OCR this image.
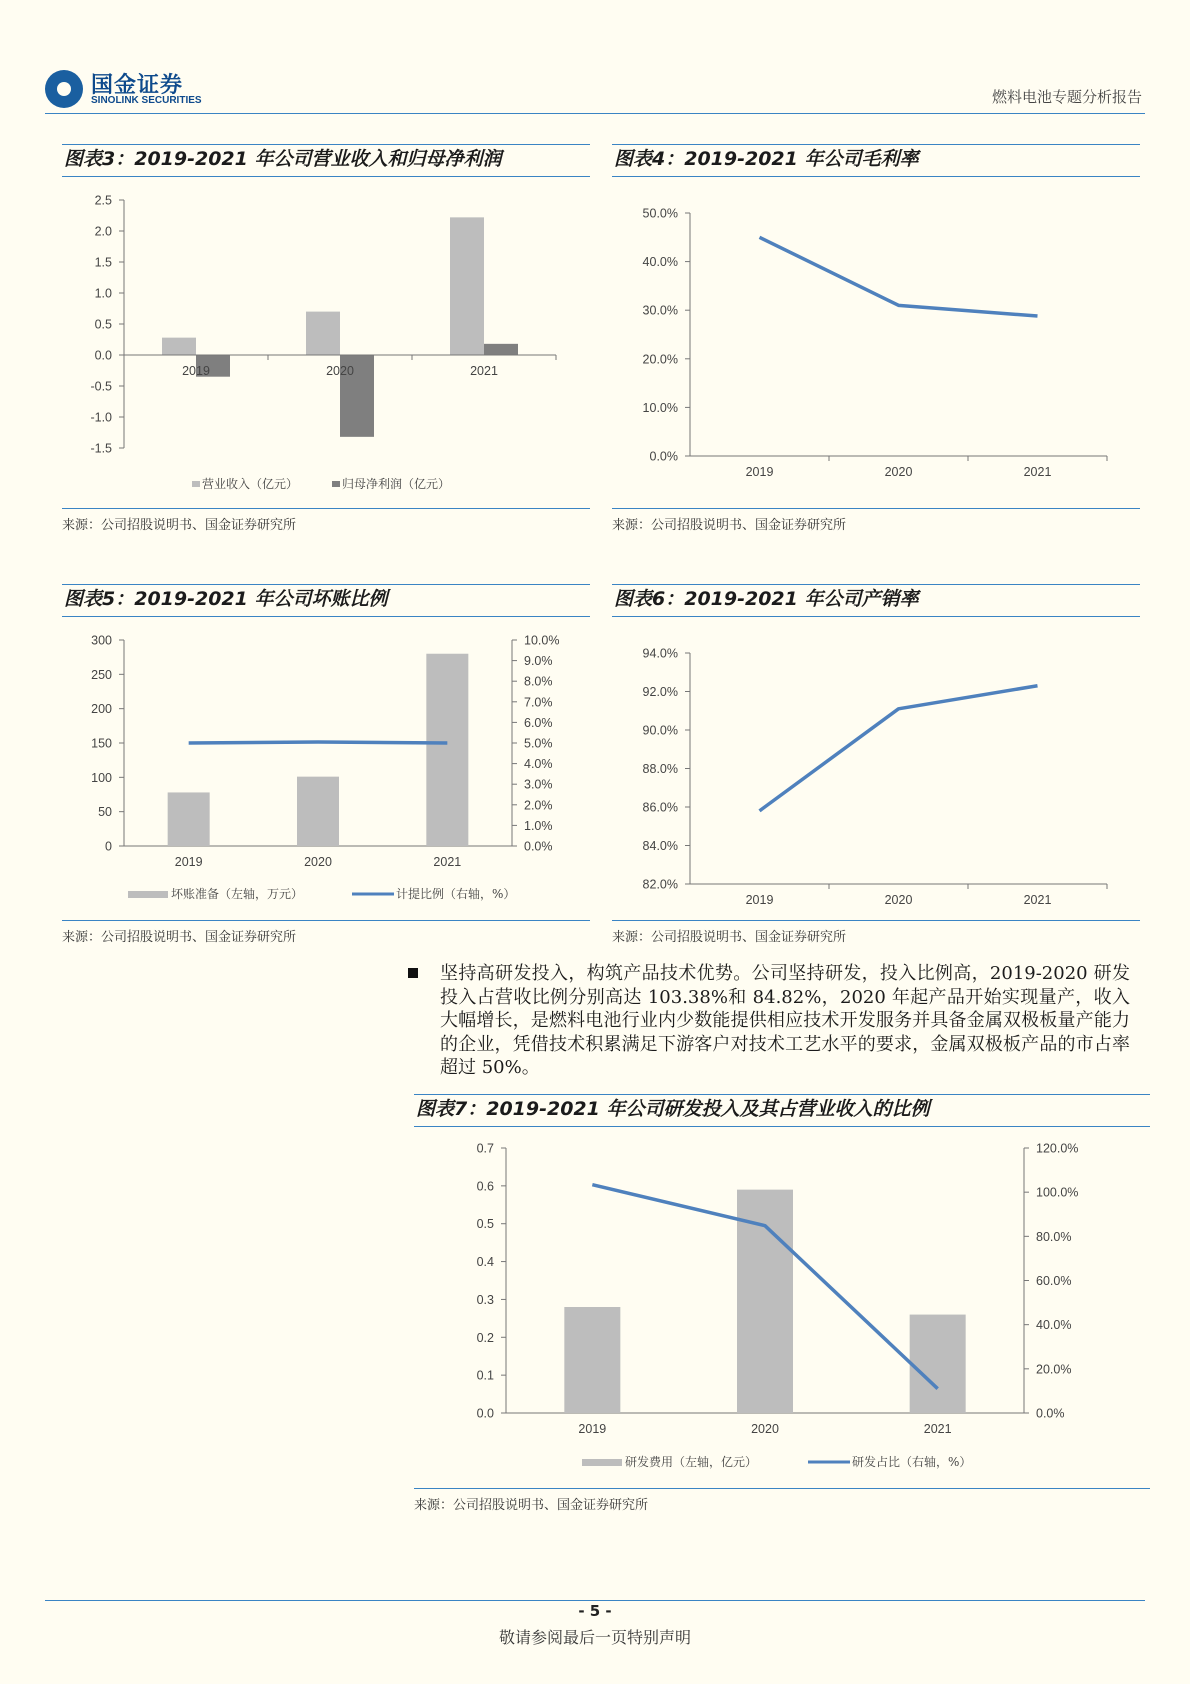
国金证券
SINOLINK SECURITIES	燃料电池专题分析报告
图表3：2019-2021 年公司营业收入和归母净利润
2.5
2.0
1.5
1.0
0.5
0.0
-0.5
-1.0
-1.5
2019	2020	2021
营业收入（亿元）	归母净利润（亿元）
来源：公司招股说明书、国金证券研究所
图表4：2019-2021 年公司毛利率
50.0%
40.0%
30.0%
20.0%
10.0%
0.0%
2019	2020	2021
来源：公司招股说明书、国金证券研究所
图表5：2019-2021 年公司坏账比例
300
250
200
150
100
50
0
10.0%
9.0%
8.0%
7.0%
6.0%
5.0%
4.0%
3.0%
2.0%
1.0%
0.0%
2019	2020	2021
坏账准备（左轴，万元）	计提比例（右轴，%）
来源：公司招股说明书、国金证券研究所
图表6：2019-2021 年公司产销率
94.0%
92.0%
90.0%
88.0%
86.0%
84.0%
82.0%
2019	2020	2021
来源：公司招股说明书、国金证券研究所
坚持高研发投入，构筑产品技术优势。公司坚持研发，投入比例高，2019-2020 研发投入占营收比例分别高达 103.38%和 84.82%，2020 年起产品开始实现量产，收入大幅增长，是燃料电池行业内少数能提供相应技术开发服务并具备金属双极板量产能力的企业，凭借技术积累满足下游客户对技术工艺水平的要求，金属双极板产品的市占率超过 50%。
图表7：2019-2021 年公司研发投入及其占营业收入的比例
0.7
0.6
0.5
0.4
0.3
0.2
0.1
0.0
120.0%
100.0%
80.0%
60.0%
40.0%
20.0%
0.0%
2019	2020	2021
研发费用（左轴，亿元）	研发占比（右轴，%）
来源：公司招股说明书、国金证券研究所
- 5 -
敬请参阅最后一页特别声明
